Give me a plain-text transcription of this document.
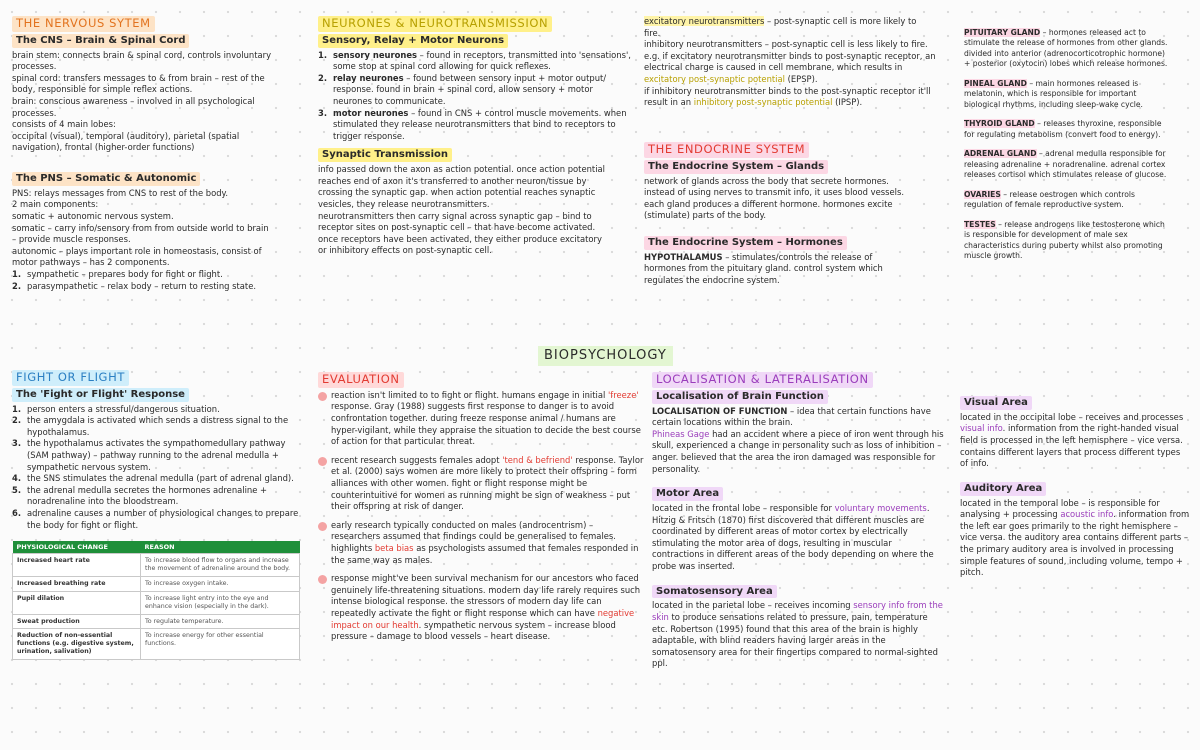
THE NERVOUS SYTEM
The CNS – Brain & Spinal Cord

brain stem: connects brain & spinal cord, controls involuntary

processes.

spinal cord: transfers messages to & from brain – rest of the

body, responsible for simple reflex actions.

brain: conscious awareness – involved in all psychological

processes.

consists of 4 main lobes:

occipital (visual), temporal (auditory), parietal (spatial

navigation), frontal (higher-order functions)

The PNS – Somatic & Autonomic

PNS: relays messages from CNS to rest of the body.

2 main components:

somatic + autonomic nervous system.

somatic – carry info/sensory from from outside world to brain

– provide muscle responses.

autonomic – plays important role in homeostasis, consist of

motor pathways – has 2 components.

1. sympathetic – prepares body for fight or flight.
2. parasympathetic – relax body – return to resting state.
FIGHT OR FLIGHT
The 'Fight or Flight' Response
1. person enters a stressful/dangerous situation.
2. the amygdala is activated which sends a distress signal to the hypothalamus.
3. the hypothalamus activates the sympathomedullary pathway (SAM pathway) – pathway running to the adrenal medulla + sympathetic nervous system.
4. the SNS stimulates the adrenal medulla (part of adrenal gland).
5. the adrenal medulla secretes the hormones adrenaline + noradrenaline into the bloodstream.
6. adrenaline causes a number of physiological changes to prepare the body for fight or flight.
PHYSIOLOGICAL CHANGE	REASON
Increased heart rate	To increase blood flow to organs and increase the movement of adrenaline around the body.
Increased breathing rate	To increase oxygen intake.
Pupil dilation	To increase light entry into the eye and enhance vision (especially in the dark).
Sweat production	To regulate temperature.
Reduction of non-essential functions (e.g. digestive system, urination, salivation)	To increase energy for other essential functions.
NEURONES & NEUROTRANSMISSION
Sensory, Relay + Motor Neurons
1. sensory neurones – found in receptors, transmitted into 'sensations', some stop at spinal cord allowing for quick reflexes.
2. relay neurones – found between sensory input + motor output/ response. found in brain + spinal cord, allow sensory + motor neurones to communicate.
3. motor neurones – found in CNS + control muscle movements. when stimulated they release neurotransmitters that bind to receptors to trigger response.
Synaptic Transmission

info passed down the axon as action potential. once action potential

reaches end of axon it's transferred to another neuron/tissue by

crossing the synaptic gap. when action potential reaches synaptic

vesicles, they release neurotransmitters.

neurotransmitters then carry signal across synaptic gap – bind to

receptor sites on post-synaptic cell – that have become activated.

once receptors have been activated, they either produce excitatory

or inhibitory effects on post-synaptic cell.

excitatory neurotransmitters – post-synaptic cell is more likely to

fire.

inhibitory neurotransmitters – post-synaptic cell is less likely to fire.

e.g. if excitatory neurotransmitter binds to post-synaptic receptor, an

electrical charge is caused in cell membrane, which results in

excitatory post-synaptic potential (EPSP).

if inhibitory neurotransmitter binds to the post-synaptic receptor it'll

result in an inhibitory post-synaptic potential (IPSP).

THE ENDOCRINE SYSTEM
The Endocrine System – Glands

network of glands across the body that secrete hormones.

instead of using nerves to transmit info, it uses blood vessels.

each gland produces a different hormone. hormones excite

(stimulate) parts of the body.

The Endocrine System – Hormones

HYPOTHALAMUS – stimulates/controls the release of

hormones from the pituitary gland. control system which

regulates the endocrine system.

PITUITARY GLAND – hormones released act to

stimulate the release of hormones from other glands.

divided into anterior (adrenocorticotrophic hormone)

+ posterior (oxytocin) lobes which release hormones.

PINEAL GLAND – main hormones released is

melatonin, which is responsible for important

biological rhythms, including sleep-wake cycle.

THYROID GLAND – releases thyroxine, responsible

for regulating metabolism (convert food to energy).

ADRENAL GLAND – adrenal medulla responsible for

releasing adrenaline + noradrenaline. adrenal cortex

releases cortisol which stimulates release of glucose.

OVARIES – release oestrogen which controls

regulation of female reproductive system.

TESTES – release androgens like testosterone which

is responsible for development of male sex

characteristics during puberty whilst also promoting

muscle growth.

BIOPSYCHOLOGY
EVALUATION
reaction isn't limited to to fight or flight. humans engage in initial 'freeze' response. Gray (1988) suggests first response to danger is to avoid confrontation together. during freeze response animal / humans are hyper-vigilant, while they appraise the situation to decide the best course of action for that particular threat.
recent research suggests females adopt 'tend & befriend' response. Taylor et al. (2000) says women are more likely to protect their offspring – form alliances with other women. fight or flight response might be counterintuitive for women as running might be sign of weakness – put their offspring at risk of danger.
early research typically conducted on males (androcentrism) – researchers assumed that findings could be generalised to females. highlights beta bias as psychologists assumed that females responded in the same way as males.
response might've been survival mechanism for our ancestors who faced genuinely life-threatening situations. modern day life rarely requires such intense biological response. the stressors of modern day life can repeatedly activate the fight or flight response which can have negative impact on our health. sympathetic nervous system – increase blood pressure – damage to blood vessels – heart disease.
LOCALISATION & LATERALISATION
Localisation of Brain Function

LOCALISATION OF FUNCTION – idea that certain functions have certain locations within the brain.

Phineas Gage had an accident where a piece of iron went through his skull, experienced a change in personality such as loss of inhibition – anger. believed that the area the iron damaged was responsible for personality.

Motor Area

located in the frontal lobe – responsible for voluntary movements. Hitzig & Fritsch (1870) first discovered that different muscles are coordinated by different areas of motor cortex by electrically stimulating the motor area of dogs, resulting in muscular contractions in different areas of the body depending on where the probe was inserted.

Somatosensory Area

located in the parietal lobe – receives incoming sensory info from the skin to produce sensations related to pressure, pain, temperature etc. Robertson (1995) found that this area of the brain is highly adaptable, with blind readers having larger areas in the somatosensory area for their fingertips compared to normal-sighted ppl.

Visual Area

located in the occipital lobe – receives and processes visual info. information from the right-handed visual field is processed in the left hemisphere – vice versa. contains different layers that process different types of info.

Auditory Area

located in the temporal lobe – is responsible for analysing + processing acoustic info. information from the left ear goes primarily to the right hemisphere – vice versa. the auditory area contains different parts – the primary auditory area is involved in processing simple features of sound, including volume, tempo + pitch.
